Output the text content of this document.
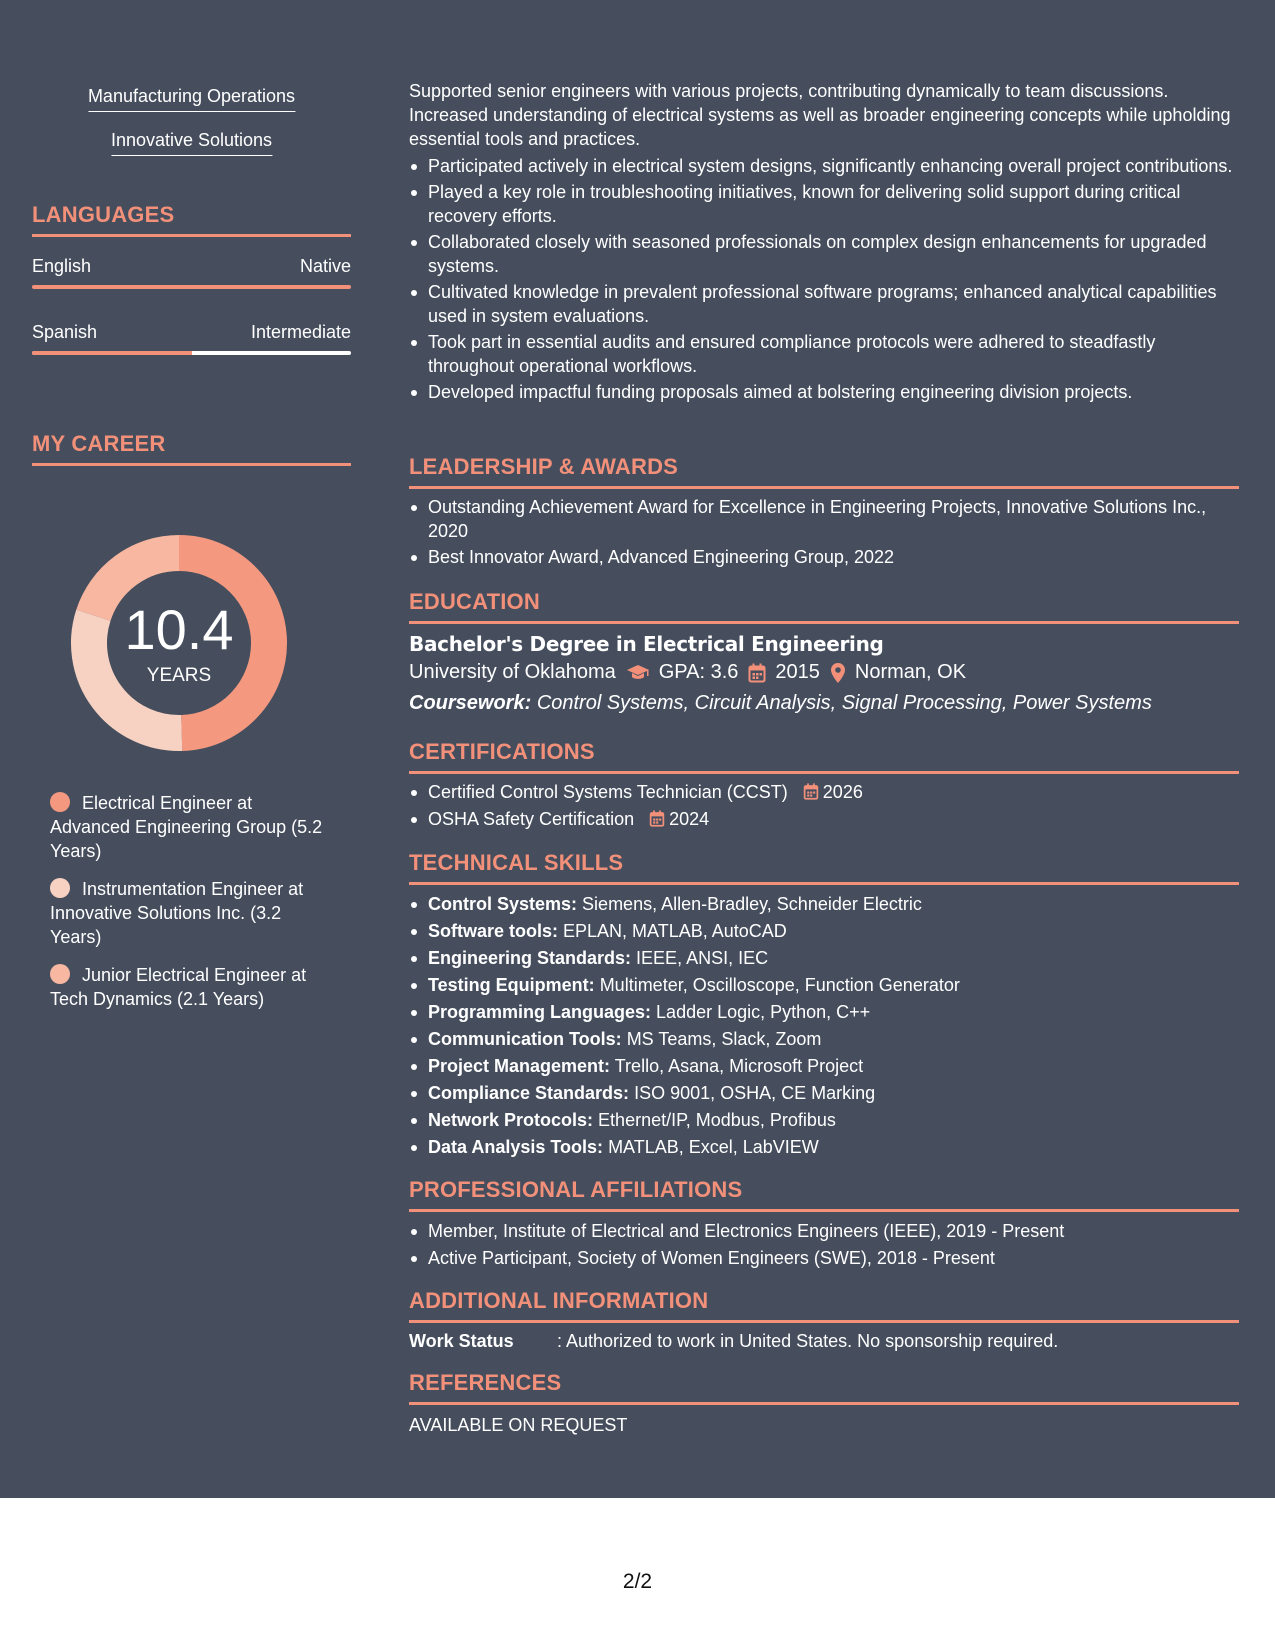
Manufacturing Operations
Innovative Solutions
LANGUAGES
English	Native
Spanish	Intermediate
MY CAREER
10.4
YEARS
Electrical Engineer at Advanced Engineering Group (5.2 Years)
Instrumentation Engineer at Innovative Solutions Inc. (3.2 Years)
Junior Electrical Engineer at Tech Dynamics (2.1 Years)

Supported senior engineers with various projects, contributing dynamically to team discussions. Increased understanding of electrical systems as well as broader engineering concepts while upholding essential tools and practices.

Participated actively in electrical system designs, significantly enhancing overall project contributions.
Played a key role in troubleshooting initiatives, known for delivering solid support during critical recovery efforts.
Collaborated closely with seasoned professionals on complex design enhancements for upgraded systems.
Cultivated knowledge in prevalent professional software programs; enhanced analytical capabilities used in system evaluations.
Took part in essential audits and ensured compliance protocols were adhered to steadfastly throughout operational workflows.
Developed impactful funding proposals aimed at bolstering engineering division projects.
LEADERSHIP & AWARDS
Outstanding Achievement Award for Excellence in Engineering Projects, Innovative Solutions Inc., 2020
Best Innovator Award, Advanced Engineering Group, 2022
EDUCATION
Bachelor's Degree in Electrical Engineering
University of Oklahoma GPA: 3.6 2015 Norman, OK
Coursework: Control Systems, Circuit Analysis, Signal Processing, Power Systems
CERTIFICATIONS
Certified Control Systems Technician (CCST) 2026
OSHA Safety Certification 2024
TECHNICAL SKILLS
Control Systems: Siemens, Allen-Bradley, Schneider Electric
Software tools: EPLAN, MATLAB, AutoCAD
Engineering Standards: IEEE, ANSI, IEC
Testing Equipment: Multimeter, Oscilloscope, Function Generator
Programming Languages: Ladder Logic, Python, C++
Communication Tools: MS Teams, Slack, Zoom
Project Management: Trello, Asana, Microsoft Project
Compliance Standards: ISO 9001, OSHA, CE Marking
Network Protocols: Ethernet/IP, Modbus, Profibus
Data Analysis Tools: MATLAB, Excel, LabVIEW
PROFESSIONAL AFFILIATIONS
Member, Institute of Electrical and Electronics Engineers (IEEE), 2019 - Present
Active Participant, Society of Women Engineers (SWE), 2018 - Present
ADDITIONAL INFORMATION
Work Status : Authorized to work in United States. No sponsorship required.
REFERENCES
AVAILABLE ON REQUEST
2/2
